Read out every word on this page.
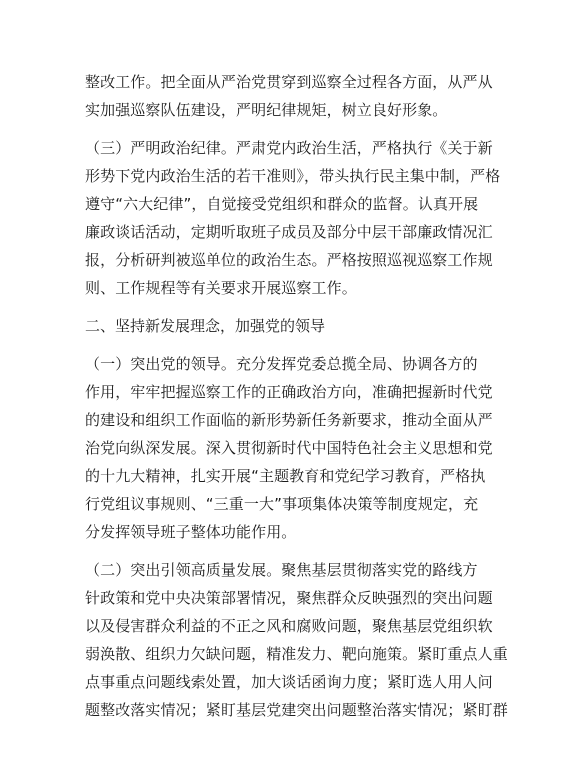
整改工作。把全面从严治党贯穿到巡察全过程各方面，从严从
实加强巡察队伍建设，严明纪律规矩，树立良好形象。

（三）严明政治纪律。严肃党内政治生活，严格执行《关于新
形势下党内政治生活的若干准则》，带头执行民主集中制，严格
遵守“六大纪律”，自觉接受党组织和群众的监督。认真开展
廉政谈话活动，定期听取班子成员及部分中层干部廉政情况汇
报，分析研判被巡单位的政治生态。严格按照巡视巡察工作规
则、工作规程等有关要求开展巡察工作。

二、坚持新发展理念，加强党的领导

（一）突出党的领导。充分发挥党委总揽全局、协调各方的
作用，牢牢把握巡察工作的正确政治方向，准确把握新时代党
的建设和组织工作面临的新形势新任务新要求，推动全面从严
治党向纵深发展。深入贯彻新时代中国特色社会主义思想和党
的十九大精神，扎实开展“主题教育和党纪学习教育，严格执
行党组议事规则、“三重一大”事项集体决策等制度规定，充
分发挥领导班子整体功能作用。

（二）突出引领高质量发展。聚焦基层贯彻落实党的路线方
针政策和党中央决策部署情况，聚焦群众反映强烈的突出问题
以及侵害群众利益的不正之风和腐败问题，聚焦基层党组织软
弱涣散、组织力欠缺问题，精准发力、靶向施策。紧盯重点人重
点事重点问题线索处置，加大谈话函询力度；紧盯选人用人问
题整改落实情况；紧盯基层党建突出问题整治落实情况；紧盯群
